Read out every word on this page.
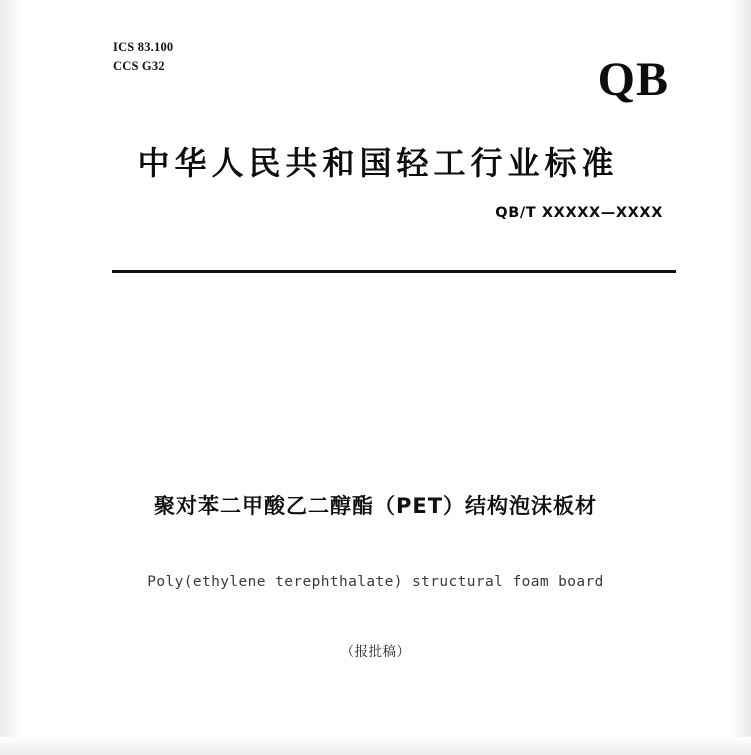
ICS 83.100
CCS G32	QB
中华人民共和国轻工行业标准
QB/T XXXXX—XXXX
聚对苯二甲酸乙二醇酯（PET）结构泡沫板材
Poly(ethylene terephthalate) structural foam board
（报批稿）
